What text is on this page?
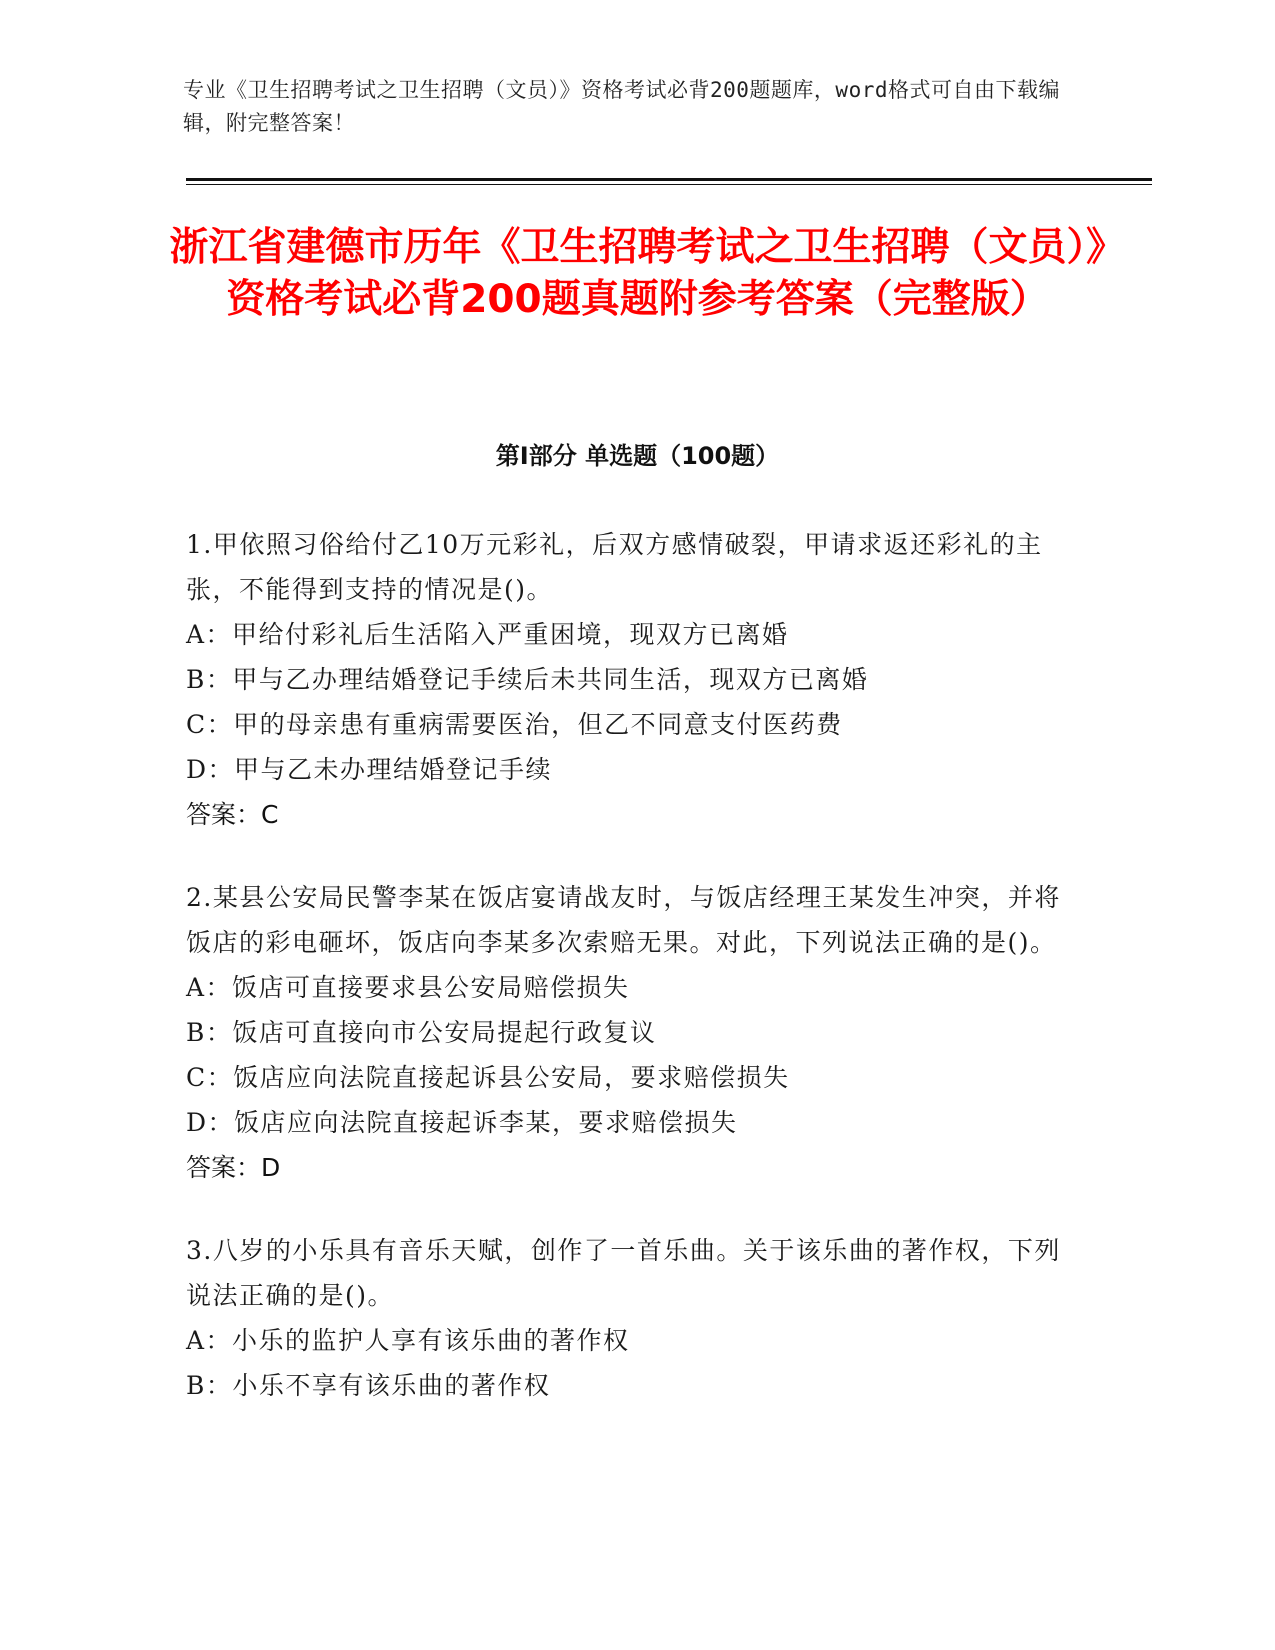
专业《卫生招聘考试之卫生招聘（文员）》资格考试必背200题题库，word格式可自由下载编辑，附完整答案！
浙江省建德市历年《卫生招聘考试之卫生招聘（文员）》资格考试必背200题真题附参考答案（完整版）
第Ⅰ部分 单选题（100题）
1.甲依照习俗给付乙10万元彩礼，后双方感情破裂，甲请求返还彩礼的主张，不能得到支持的情况是()。
A：甲给付彩礼后生活陷入严重困境，现双方已离婚
B：甲与乙办理结婚登记手续后未共同生活，现双方已离婚
C：甲的母亲患有重病需要医治，但乙不同意支付医药费
D：甲与乙未办理结婚登记手续
答案：C
2.某县公安局民警李某在饭店宴请战友时，与饭店经理王某发生冲突，并将饭店的彩电砸坏，饭店向李某多次索赔无果。对此，下列说法正确的是()。
A：饭店可直接要求县公安局赔偿损失
B：饭店可直接向市公安局提起行政复议
C：饭店应向法院直接起诉县公安局，要求赔偿损失
D：饭店应向法院直接起诉李某，要求赔偿损失
答案：D
3.八岁的小乐具有音乐天赋，创作了一首乐曲。关于该乐曲的著作权，下列说法正确的是()。
A：小乐的监护人享有该乐曲的著作权
B：小乐不享有该乐曲的著作权
